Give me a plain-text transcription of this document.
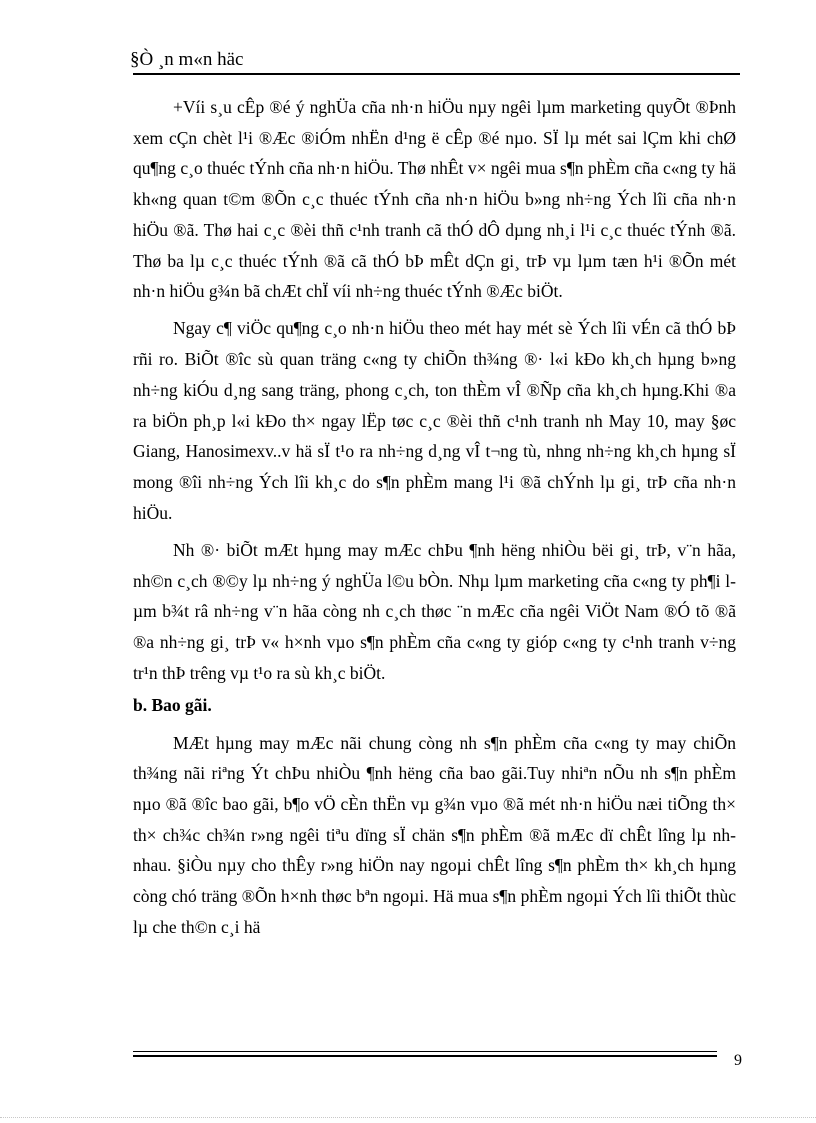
§Ò ¸n m«n häc

+Víi s¸u cÊp ®é ý nghÜa cña nh·n hiÖu nµy ngêi lµm marketing quyÕt ®Þnh xem cÇn chèt l¹i ®Æc ®iÓm nhËn d¹ng ë cÊp ®é nµo. SÏ lµ mét sai lÇm khi chØ qu¶ng c¸o thuéc tÝnh cña nh·n hiÖu. Thø nhÊt v× ngêi mua s¶n phÈm cña c«ng ty hä kh«ng quan t©m ®Õn c¸c thuéc tÝnh cña nh·n hiÖu b»ng nh÷ng Ých lîi cña nh·n hiÖu ®ã. Thø hai c¸c ®èi thñ c¹nh tranh cã thÓ dÔ dµng nh¸i l¹i c¸c thuéc tÝnh ®ã. Thø ba lµ c¸c thuéc tÝnh ®ã cã thÓ bÞ mÊt dÇn gi¸ trÞ vµ lµm tæn h¹i ®Õn mét nh·n hiÖu g¾n bã chÆt chÏ víi nh÷ng thuéc tÝnh ®Æc biÖt.

Ngay c¶ viÖc qu¶ng c¸o nh·n hiÖu theo mét hay mét sè Ých lîi vÉn cã thÓ bÞ rñi ro. BiÕt ®îc sù quan träng c«ng ty chiÕn th¾ng ®· l«i kÐo kh¸ch hµng b»ng nh÷ng kiÓu d¸ng sang träng, phong c¸ch, ton thÈm vÎ ®Ñp cña kh¸ch hµng.Khi ®a ra biÖn ph¸p l«i kÐo th× ngay lËp tøc c¸c ®èi thñ c¹nh tranh nh May 10, may §øc Giang, Hanosimexv..v hä sÏ t¹o ra nh÷ng d¸ng vÎ t¬ng tù, nhng nh÷ng kh¸ch hµng sÏ mong ®îi nh÷ng Ých lîi kh¸c do s¶n phÈm mang l¹i ®ã chÝnh lµ gi¸ trÞ cña nh·n hiÖu.

Nh ®· biÕt mÆt hµng may mÆc chÞu ¶nh hëng nhiÒu bëi gi¸ trÞ, v¨n hãa, nh©n c¸ch ®©y lµ nh÷ng ý nghÜa l©u bÒn. Nhµ lµm marketing cña c«ng ty ph¶i lµm b¾t râ nh÷ng v¨n hãa còng nh c¸ch thøc ¨n mÆc cña ngêi ViÖt Nam ®Ó tõ ®ã ®a nh÷ng gi¸ trÞ v« h×nh vµo s¶n phÈm cña c«ng ty gióp c«ng ty c¹nh tranh v÷ng tr¹n thÞ trêng vµ t¹o ra sù kh¸c biÖt.

b. Bao gãi.

MÆt hµng may mÆc nãi chung còng nh s¶n phÈm cña c«ng ty may chiÕn th¾ng nãi riªng Ýt chÞu nhiÒu ¶nh hëng cña bao gãi.Tuy nhiªn nÕu nh s¶n phÈm nµo ®ã ®îc bao gãi, b¶o vÖ cÈn thËn vµ g¾n vµo ®ã mét nh·n hiÖu næi tiÕng th× th× ch¾c ch¾n r»ng ngêi tiªu dïng sÏ chän s¶n phÈm ®ã mÆc dï chÊt lîng lµ nh nhau. §iÒu nµy cho thÊy r»ng hiÖn nay ngoµi chÊt lîng s¶n phÈm th× kh¸ch hµng còng chó träng ®Õn h×nh thøc bªn ngoµi. Hä mua s¶n phÈm ngoµi Ých lîi thiÕt thùc lµ che th©n c¸i hä

9
